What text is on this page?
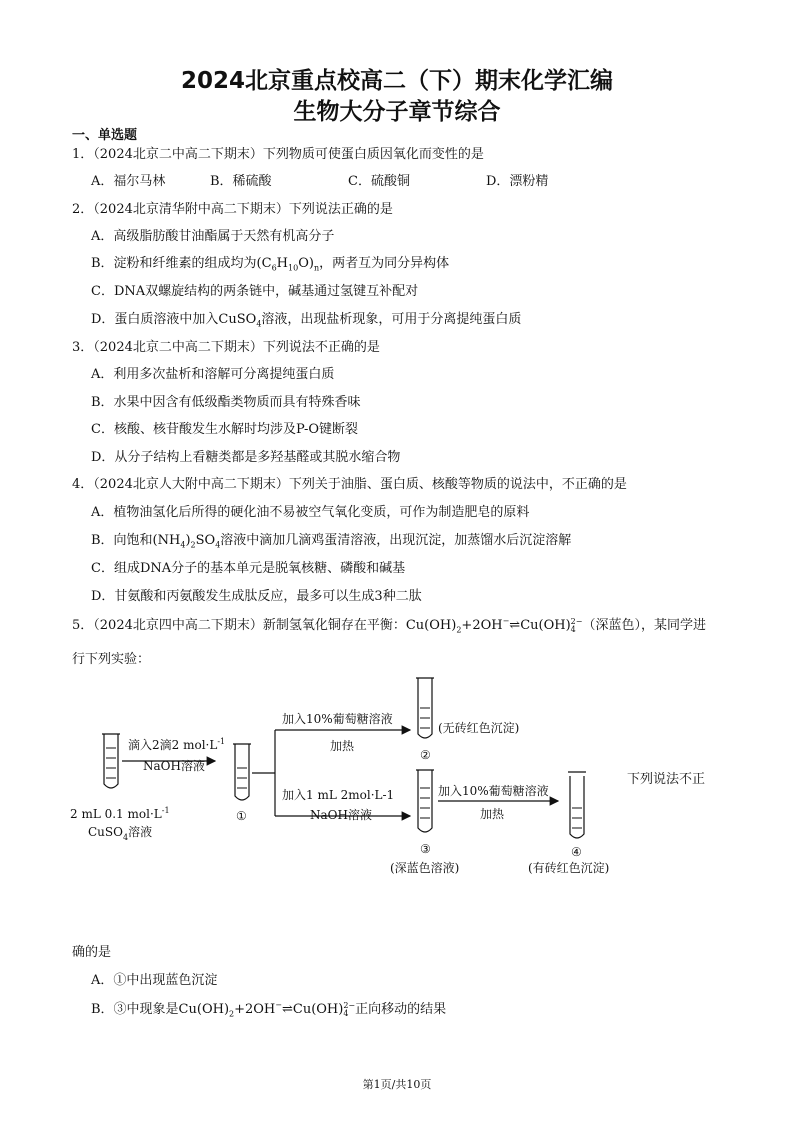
2024北京重点校高二（下）期末化学汇编
生物大分子章节综合
一、单选题
1．（2024北京二中高二下期末）下列物质可使蛋白质因氧化而变性的是
A．福尔马林	B．稀硫酸	C．硫酸铜	D．漂粉精
2．（2024北京清华附中高二下期末）下列说法正确的是
A．高级脂肪酸甘油酯属于天然有机高分子
B．淀粉和纤维素的组成均为$(C_6H_{10}O)_n$，两者互为同分异构体
C．DNA双螺旋结构的两条链中，碱基通过氢键互补配对
D．蛋白质溶液中加入CuSO$_4$溶液，出现盐析现象，可用于分离提纯蛋白质
3．（2024北京二中高二下期末）下列说法不正确的是
A．利用多次盐析和溶解可分离提纯蛋白质
B．水果中因含有低级酯类物质而具有特殊香味
C．核酸、核苷酸发生水解时均涉及P-O键断裂
D．从分子结构上看糖类都是多羟基醛或其脱水缩合物
4．（2024北京人大附中高二下期末）下列关于油脂、蛋白质、核酸等物质的说法中，不正确的是
A．植物油氢化后所得的硬化油不易被空气氧化变质，可作为制造肥皂的原料
B．向饱和$(NH_4)_2SO_4$溶液中滴加几滴鸡蛋清溶液，出现沉淀，加蒸馏水后沉淀溶解
C．组成DNA分子的基本单元是脱氧核糖、磷酸和碱基
D．甘氨酸和丙氨酸发生成肽反应，最多可以生成3种二肽
5．（2024北京四中高二下期末）新制氢氧化铜存在平衡：$Cu(OH)_2+2OH^-\rightleftharpoons Cu(OH)$ 2−
4 （深蓝色），某同学进
行下列实验：
2 mL 0.1 $mol\cdot L^{-1}$
CuSO$_4$溶液
滴入2滴2 $mol\cdot L^{-1}$
NaOH溶液
①
加入10%葡萄糖溶液
加热
加入1 mL 2mol·L-1
NaOH溶液
②
(无砖红色沉淀)
③
(深蓝色溶液)
加入10%葡萄糖溶液
加热
④
(有砖红色沉淀)
下列说法不正
确的是
A．①中出现蓝色沉淀
B．③中现象是$Cu(OH)_2+2OH^-\rightleftharpoons Cu(OH)$ 2−
4 正向移动的结果
第1页/共10页
